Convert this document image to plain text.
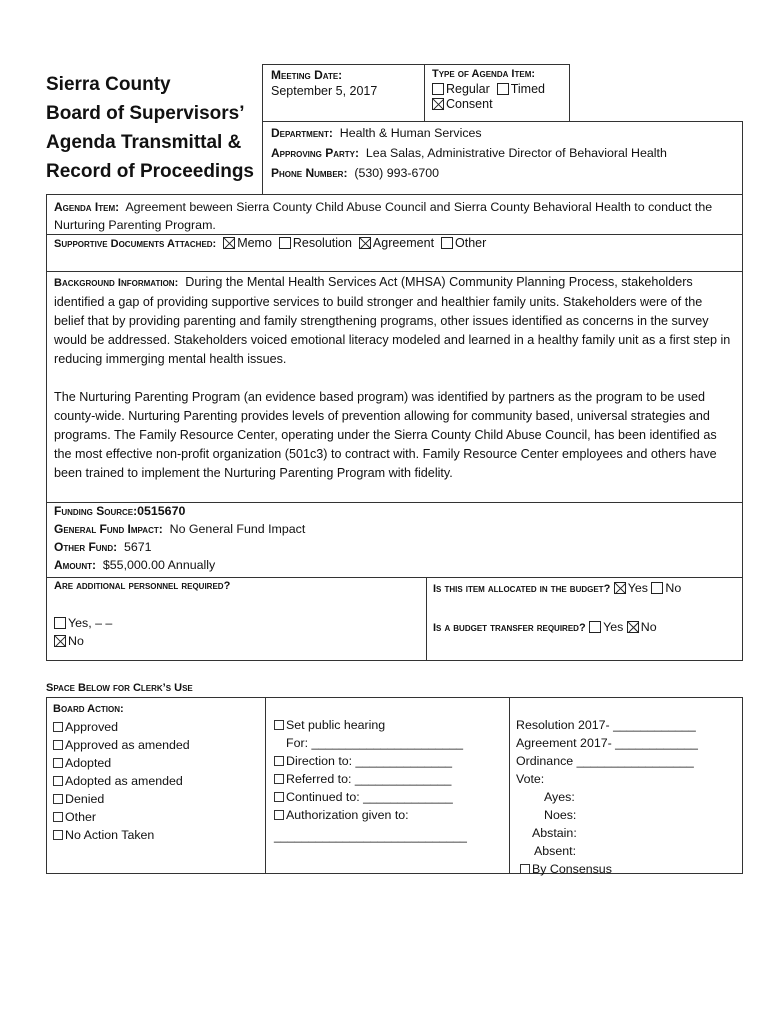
Sierra County
Board of Supervisors’
Agenda Transmittal &
Record of Proceedings
Meeting Date:
September 5, 2017
Type of Agenda Item:
Regular Timed
Consent
Department: Health & Human Services
Approving Party: Lea Salas, Administrative Director of Behavioral Health
Phone Number: (530) 993-6700

Agenda Item: Agreement beween Sierra County Child Abuse Council and Sierra County Behavioral Health to conduct the Nurturing Parenting Program.

Supportive Documents Attached: Memo Resolution Agreement Other

Background Information: During the Mental Health Services Act (MHSA) Community Planning Process, stakeholders identified a gap of providing supportive services to build stronger and healthier family units. Stakeholders were of the belief that by providing parenting and family strengthening programs, other issues identified as concerns in the survey would be addressed. Stakeholders voiced emotional literacy modeled and learned in a healthy family unit as a first step in reducing immerging mental health issues.

The Nurturing Parenting Program (an evidence based program) was identified by partners as the program to be used county-wide. Nurturing Parenting provides levels of prevention allowing for community based, universal strategies and programs. The Family Resource Center, operating under the Sierra County Child Abuse Council, has been identified as the most effective non-profit organization (501c3) to contract with. Family Resource Center employees and others have been trained to implement the Nurturing Parenting Program with fidelity.

Funding Source:0515670
General Fund Impact: No General Fund Impact
Other Fund: 5671
Amount: $55,000.00 Annually
Are additional personnel required?
Yes, – –
No
Is this item allocated in the budget? Yes No
Is a budget transfer required? Yes No
Space Below for Clerk’s Use
Board Action:
Approved
Approved as amended
Adopted
Adopted as amended
Denied
Other
No Action Taken
Set public hearing
For: ______________________
Direction to: ______________
Referred to: ______________
Continued to: _____________
Authorization given to:
____________________________
Resolution 2017- ____________
Agreement 2017- ____________
Ordinance _________________
Vote:
Ayes:
Noes:
Abstain:
Absent:
By Consensus
